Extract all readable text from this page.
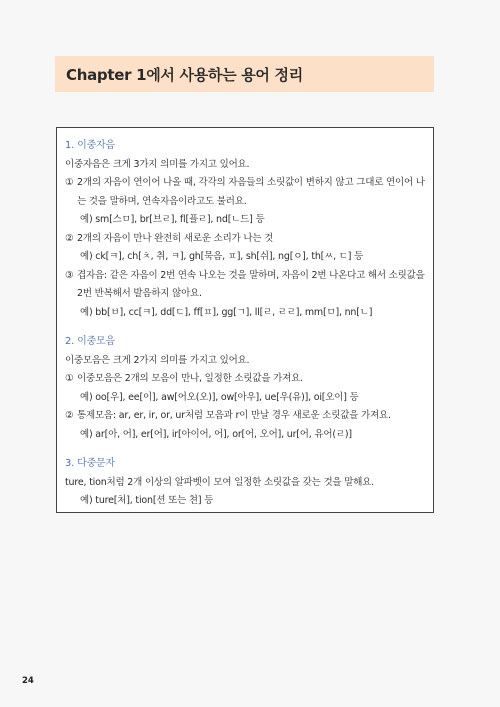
Chapter 1에서 사용하는 용어 정리
1. 이중자음
이중자음은 크게 3가지 의미를 가지고 있어요.
① 2개의 자음이 연이어 나올 때, 각각의 자음들의 소릿값이 변하지 않고 그대로 연이어 나는 것을 말하며, 연속자음이라고도 불러요.
예) sm[스ㅁ], br[브ㄹ], fl[플ㄹ], nd[ㄴ드] 등
② 2개의 자음이 만나 완전히 새로운 소리가 나는 것
예) ck[ㅋ], ch[ㅊ, 취, ㅋ], gh[묵음, ㅍ], sh[쉬], ng[ㅇ], th[ㅆ, ㄷ] 등
③ 겹자음: 같은 자음이 2번 연속 나오는 것을 말하며, 자음이 2번 나온다고 해서 소릿값을 2번 반복해서 발음하지 않아요.
예) bb[ㅂ], cc[ㅋ], dd[ㄷ], ff[ㅍ], gg[ㄱ], ll[ㄹ, ㄹㄹ], mm[ㅁ], nn[ㄴ]
2. 이중모음
이중모음은 크게 2가지 의미를 가지고 있어요.
① 이중모음은 2개의 모음이 만나, 일정한 소릿값을 가져요.
예) oo[우], ee[이], aw[어오(오)], ow[아우], ue[우(유)], oi[오이] 등
② 통제모음: ar, er, ir, or, ur처럼 모음과 r이 만날 경우 새로운 소릿값을 가져요.
예) ar[아, 어], er[어], ir[아이어, 어], or[어, 오어], ur[어, 유어(ㄹ)]
3. 다중문자
ture, tion처럼 2개 이상의 알파벳이 모여 일정한 소릿값을 갖는 것을 말해요.
예) ture[처], tion[션 또는 쳔] 등
24
